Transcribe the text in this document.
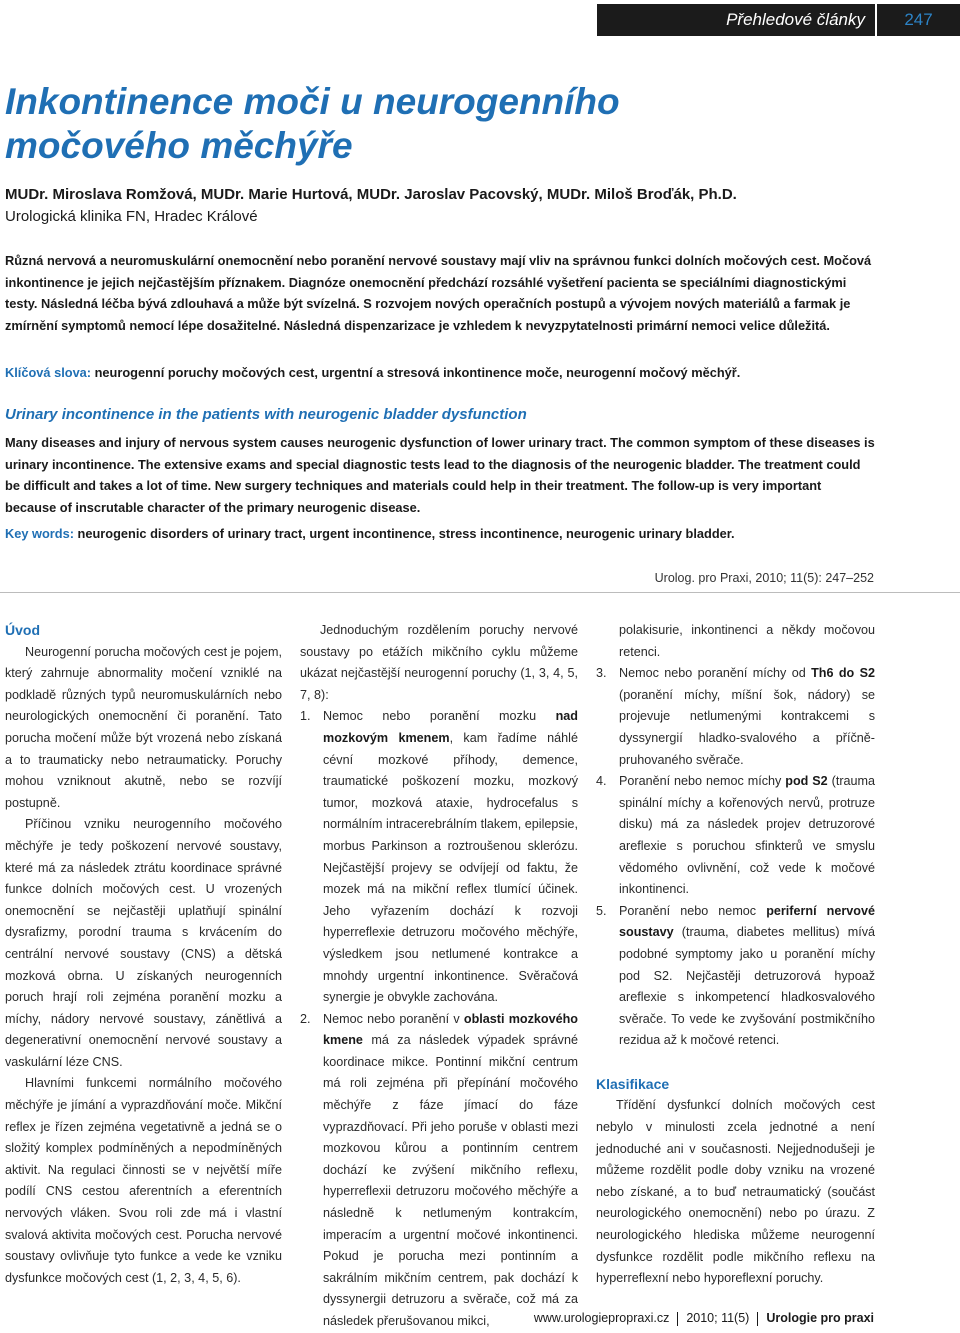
Přehledové články	247
Inkontinence moči u neurogenního
močového měchýře
MUDr. Miroslava Romžová, MUDr. Marie Hurtová, MUDr. Jaroslav Pacovský, MUDr. Miloš Broďák, Ph.D.
Urologická klinika FN, Hradec Králové

Různá nervová a neuromuskulární onemocnění nebo poranění nervové soustavy mají vliv na správnou funkci dolních močových cest. Močová inkontinence je jejich nejčastějším příznakem. Diagnóze onemocnění předchází rozsáhlé vyšetření pacienta se speciálními diagnostickými testy. Následná léčba bývá zdlouhavá a může být svízelná. S rozvojem nových operačních postupů a vývojem nových materiálů a farmak je zmírnění symptomů nemocí lépe dosažitelné. Následná dispenzarizace je vzhledem k nevyzpytatelnosti primární nemoci velice důležitá.

Klíčová slova: neurogenní poruchy močových cest, urgentní a stresová inkontinence moče, neurogenní močový měchýř.

Urinary incontinence in the patients with neurogenic bladder dysfunction

Many diseases and injury of nervous system causes neurogenic dysfunction of lower urinary tract. The common symptom of these diseases is urinary incontinence. The extensive exams and special diagnostic tests lead to the diagnosis of the neurogenic bladder. The treatment could be difficult and takes a lot of time. New surgery techniques and materials could help in their treatment. The follow-up is very important because of inscrutable character of the primary neurogenic disease.

Key words: neurogenic disorders of urinary tract, urgent incontinence, stress incontinence, neurogenic urinary bladder.

Urolog. pro Praxi, 2010; 11(5): 247–252
Úvod

Neurogenní porucha močových cest je pojem, který zahrnuje abnormality močení vzniklé na podkladě různých typů neuromuskulárních nebo neurologických onemocnění či poranění. Tato porucha močení může být vrozená nebo získaná a to traumaticky nebo netraumaticky. Poruchy mohou vzniknout akutně, nebo se rozvíjí postupně.

Příčinou vzniku neurogenního močového měchýře je tedy poškození nervové soustavy, které má za následek ztrátu koordinace správné funkce dolních močových cest. U vrozených onemocnění se nejčastěji uplatňují spinální dysrafizmy, porodní trauma s krvácením do centrální nervové soustavy (CNS) a dětská mozková obrna. U získaných neurogenních poruch hrají roli zejména poranění mozku a míchy, nádory nervové soustavy, zánětlivá a degenerativní onemocnění nervové soustavy a vaskulární léze CNS.

Hlavními funkcemi normálního močového měchýře je jímání a vyprazdňování moče. Mikční reflex je řízen zejména vegetativně a jedná se o složitý komplex podmíněných a nepodmíněných aktivit. Na regulaci činnosti se v největší míře podílí CNS cestou aferentních a eferentních nervových vláken. Svou roli zde má i vlastní svalová aktivita močových cest. Porucha nervové soustavy ovlivňuje tyto funkce a vede ke vzniku dysfunkce močových cest (1, 2, 3, 4, 5, 6).

Jednoduchým rozdělením poruchy nervové soustavy po etážích mikčního cyklu můžeme ukázat nejčastější neurogenní poruchy (1, 3, 4, 5, 7, 8):

1. Nemoc nebo poranění mozku nad mozkovým kmenem, kam řadíme náhlé cévní mozkové příhody, demence, traumatické poškození mozku, mozkový tumor, mozková ataxie, hydrocefalus s normálním intracerebrálním tlakem, epilepsie, morbus Parkinson a roztroušenou sklerózu. Nejčastější projevy se odvíjejí od faktu, že mozek má na mikční reflex tlumící účinek. Jeho vyřazením dochází k rozvoji hyperreflexie detruzoru močového měchýře, výsledkem jsou netlumené kontrakce a mnohdy urgentní inkontinence. Svěračová synergie je obvykle zachována.
2. Nemoc nebo poranění v oblasti mozkového kmene má za následek výpadek správné koordinace mikce. Pontinní mikční centrum má roli zejména při přepínání močového měchýře z fáze jímací do fáze vyprazdňovací. Při jeho poruše v oblasti mezi mozkovou kůrou a pontinním centrem dochází ke zvýšení mikčního reflexu, hyperreflexii detruzoru močového měchýře a následně k netlumeným kontrakcím, imperacím a urgentní močové inkontinenci. Pokud je porucha mezi pontinním a sakrálním mikčním centrem, pak dochází k dyssynergii detruzoru a svěrače, což má za následek přerušovanou mikci,

polakisurie, inkontinenci a někdy močovou retenci.

3. Nemoc nebo poranění míchy od Th6 do S2 (poranění míchy, míšní šok, nádory) se projevuje netlumenými kontrakcemi s dyssynergií hladko-svalového a příčně-pruhovaného svěrače.
4. Poranění nebo nemoc míchy pod S2 (trauma spinální míchy a kořenových nervů, protruze disku) má za následek projev detruzorové areflexie s poruchou sfinkterů ve smyslu vědomého ovlivnění, což vede k močové inkontinenci.
5. Poranění nebo nemoc periferní nervové soustavy (trauma, diabetes mellitus) mívá podobné symptomy jako u poranění míchy pod S2. Nejčastěji detruzorová hypoaž areflexie s inkompetencí hladkosvalového svěrače. To vede ke zvyšování postmikčního rezidua až k močové retenci.
Klasifikace

Třídění dysfunkcí dolních močových cest nebylo v minulosti zcela jednotné a není jednoduché ani v současnosti. Nejjednodušeji je můžeme rozdělit podle doby vzniku na vrozené nebo získané, a to buď netraumatický (součást neurologického onemocnění) nebo po úrazu. Z neurologického hlediska můžeme neurogenní dysfunkce rozdělit podle mikčního reflexu na hyperreflexní nebo hyporeflexní poruchy.

www.urologiepropraxi.cz 2010; 11(5) Urologie pro praxi
